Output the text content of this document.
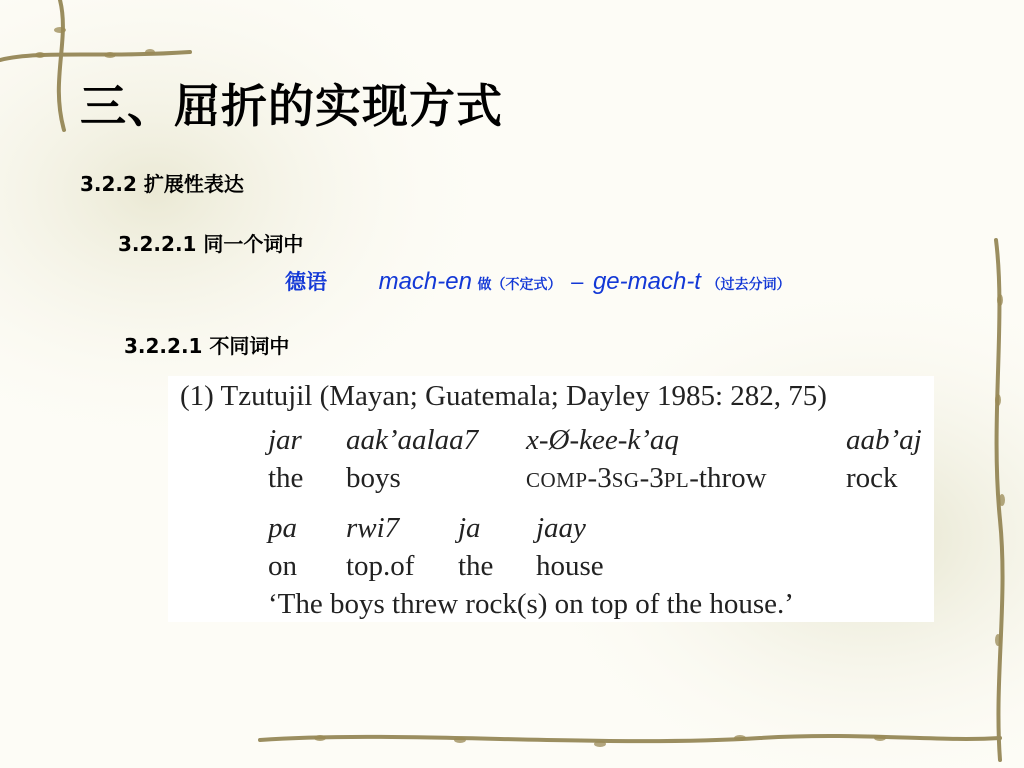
三、屈折的实现方式
3.2.2 扩展性表达
3.2.2.1 同一个词中
德语 mach-en 做（不定式） – ge-mach-t （过去分词）
3.2.2.1 不同词中
(1) Tzutujil (Mayan; Guatemala; Dayley 1985: 282, 75)
jar aak’aalaa7 x-Ø-kee-k’aq	aab’aj
the boys	COMP-3SG-3PL-throw	rock
pa rwi7 ja jaay
on top.of the house
‘The boys threw rock(s) on top of the house.’
